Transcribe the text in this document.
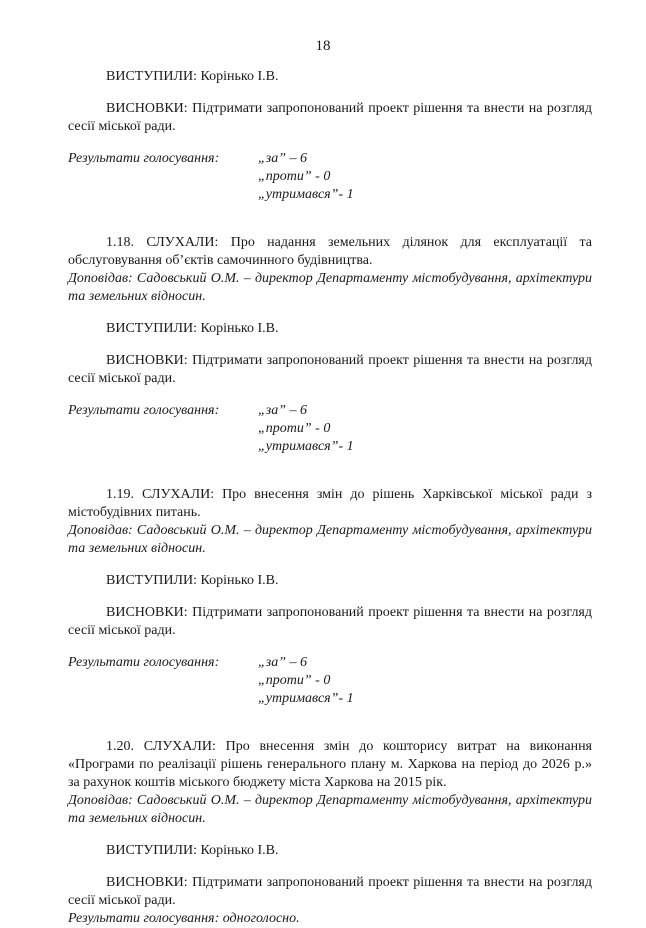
18

ВИСТУПИЛИ: Корінько І.В.

ВИСНОВКИ: Підтримати запропонований проект рішення та внести на розгляд сесії міської ради.

Результати голосування:	„за” – 6
„проти” - 0
„утримався”- 1

1.18. СЛУХАЛИ: Про надання земельних ділянок для експлуатації та обслуговування об’єктів самочинного будівництва.

Доповідав: Садовський О.М. – директор Департаменту містобудування, архітектури та земельних відносин.

ВИСТУПИЛИ: Корінько І.В.

ВИСНОВКИ: Підтримати запропонований проект рішення та внести на розгляд сесії міської ради.

Результати голосування:	„за” – 6
„проти” - 0
„утримався”- 1

1.19. СЛУХАЛИ: Про внесення змін до рішень Харківської міської ради з містобудівних питань.

Доповідав: Садовський О.М. – директор Департаменту містобудування, архітектури та земельних відносин.

ВИСТУПИЛИ: Корінько І.В.

ВИСНОВКИ: Підтримати запропонований проект рішення та внести на розгляд сесії міської ради.

Результати голосування:	„за” – 6
„проти” - 0
„утримався”- 1

1.20. СЛУХАЛИ: Про внесення змін до кошторису витрат на виконання «Програми по реалізації рішень генерального плану м. Харкова на період до 2026 р.» за рахунок коштів міського бюджету міста Харкова на 2015 рік.

Доповідав: Садовський О.М. – директор Департаменту містобудування, архітектури та земельних відносин.

ВИСТУПИЛИ: Корінько І.В.

ВИСНОВКИ: Підтримати запропонований проект рішення та внести на розгляд сесії міської ради.

Результати голосування: одноголосно.
